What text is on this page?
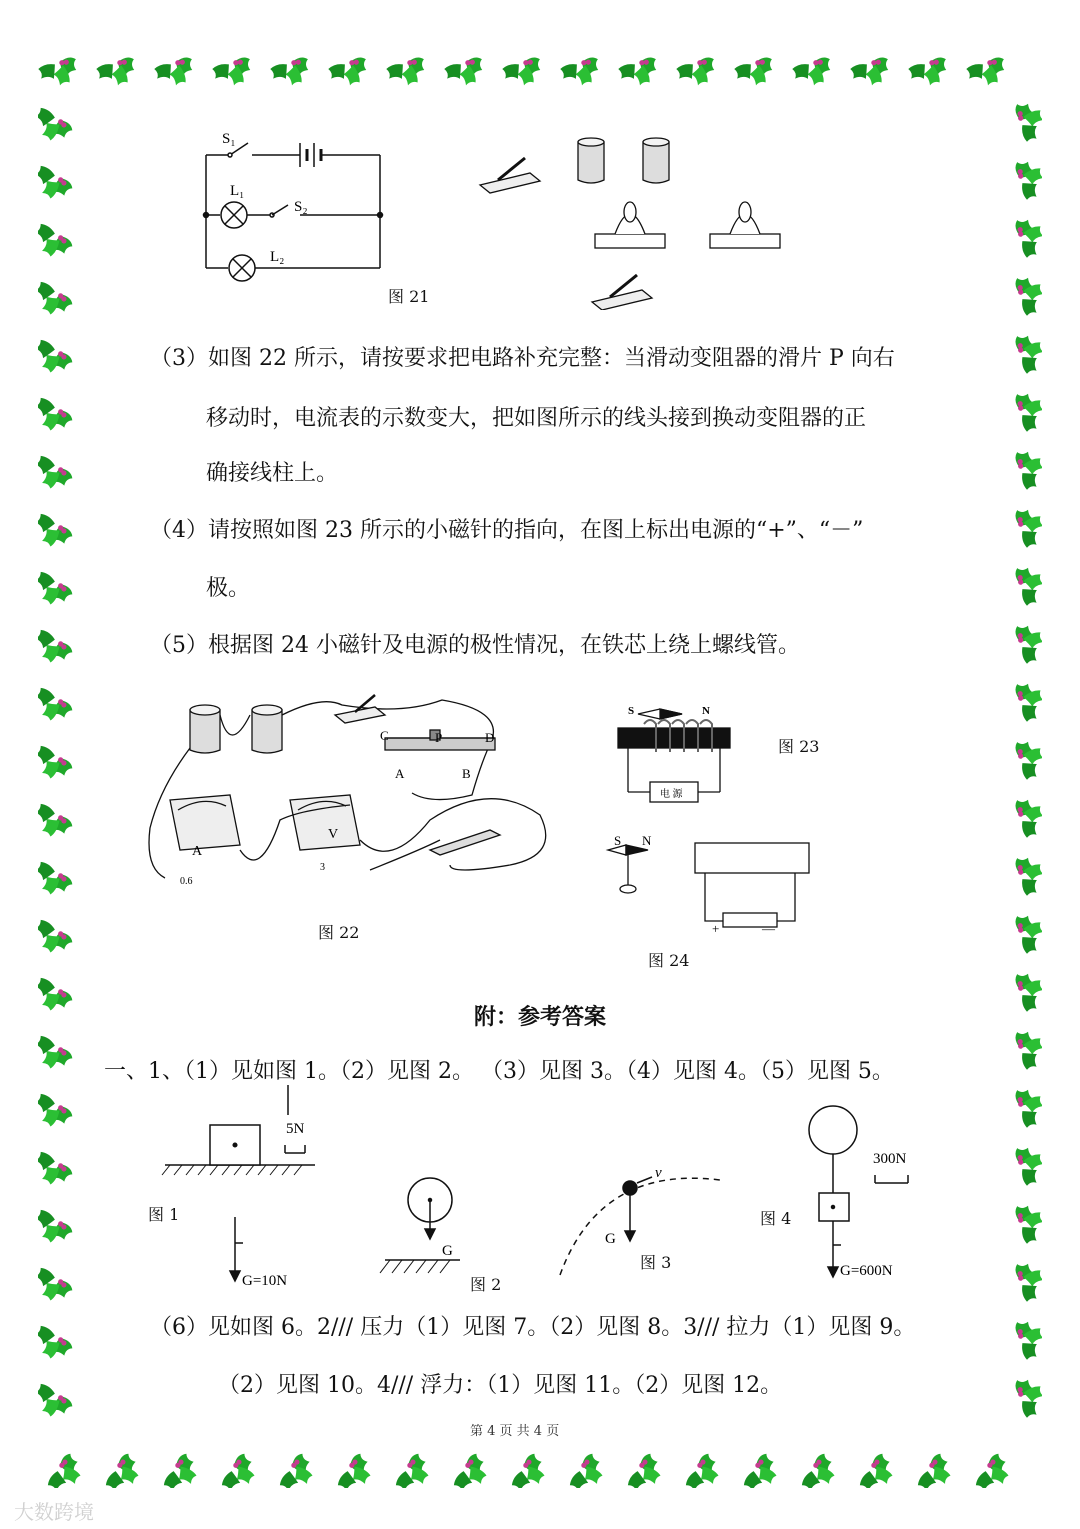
S₁
L₁
S₂
L₂
图 21
（3）如图 22 所示，请按要求把电路补充完整：当滑动变阻器的滑片 P 向右
移动时，电流表的示数变大，把如图所示的线头接到换动变阻器的正
确接线柱上。
（4）请按照如图 23 所示的小磁针的指向，在图上标出电源的“+”、“－”
极。
（5）根据图 24 小磁针及电源的极性情况，在铁芯上绕上螺线管。
C	P	D
A	B
A
V
0.6
3
图 22
S	N
电 源
图 23
S N
+	—
图 24
附：参考答案
一、1、（1）见如图 1。（2）见图 2。 （3）见图 3。（4）见图 4。（5）见图 5。
5N
G=10N
G
v
G
300N
G=600N
图 1
图 2
图 3
图 4
（6）见如图 6。2/// 压力（1）见图 7。（2）见图 8。3/// 拉力（1）见图 9。
（2）见图 10。4/// 浮力：（1）见图 11。（2）见图 12。
第 4 页 共 4 页
大数跨境
